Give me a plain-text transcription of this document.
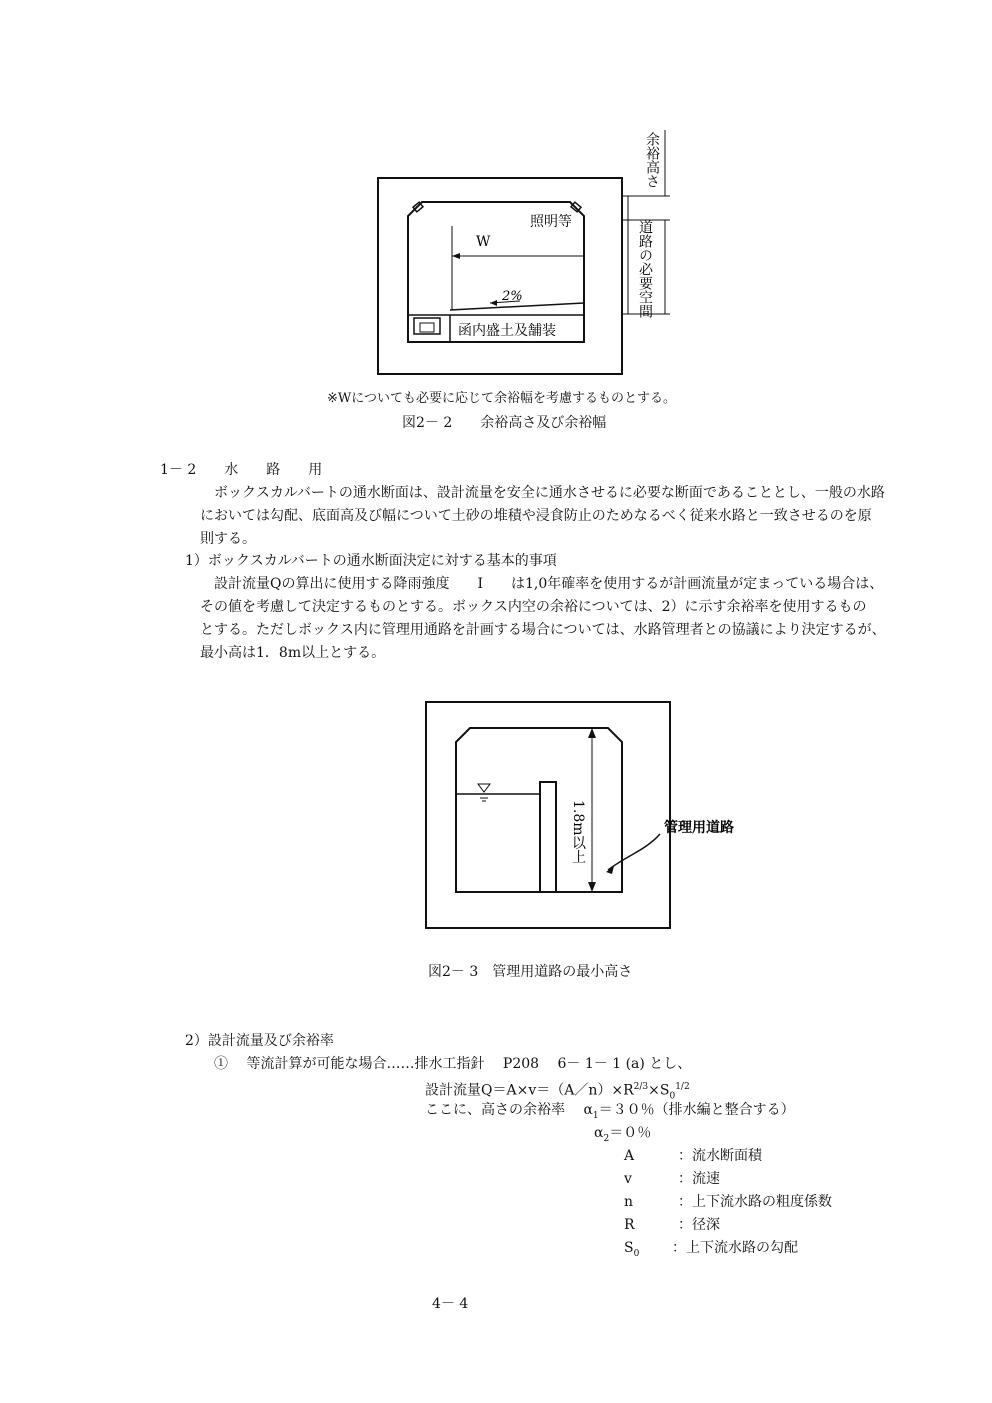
余裕高さ
道路の必要空間
照明等
W
2%
函内盛土及舗装
※Wについても必要に応じて余裕幅を考慮するものとする。
図2－ 2　　余裕高さ及び余裕幅
1－ 2　　水　　路　　用
ボックスカルバートの通水断面は、設計流量を安全に通水させるに必要な断面であることとし、一般の水路
においては勾配、底面高及び幅について土砂の堆積や浸食防止のためなるべく従来水路と一致させるのを原
則する。
1）ボックスカルバートの通水断面決定に対する基本的事項
設計流量Qの算出に使用する降雨強度　　I　　は1,0年確率を使用するが計画流量が定まっている場合は、
その値を考慮して決定するものとする。ボックス内空の余裕については、2）に示す余裕率を使用するもの
とする。ただしボックス内に管理用通路を計画する場合については、水路管理者との協議により決定するが、
最小高は1．8m以上とする。
1.8m以上	管理用道路
図2－ 3　管理用道路の最小高さ
2）設計流量及び余裕率
①　 等流計算が可能な場合……排水工指針　 P208　 6－ 1－ 1 (a) とし、
設計流量$Q=A\times v=(A/n)\times R^{2/3}\times S_0^{1/2}$
ここに、高さの余裕率　 $\alpha_1=30$％（排水編と整合する）
$\alpha_2=0$％
A	：流水断面積
v	：流速
n	：上下流水路の粗度係数
R	：径深
$S_0$ ：上下流水路の勾配
4－ 4
